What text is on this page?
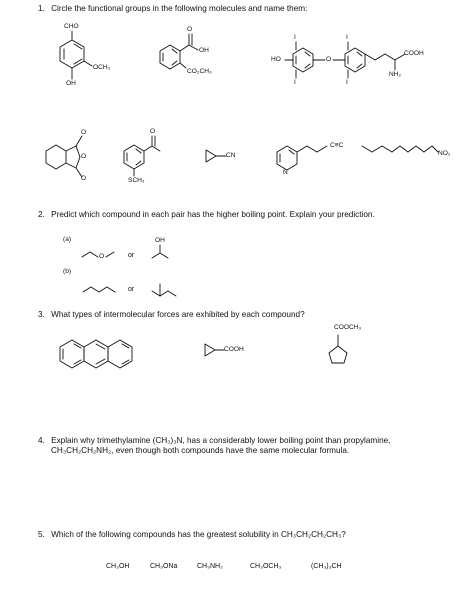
1. Circle the functional groups in the following molecules and name them:
CHO
OCH₃
OH
O
OH
CO₂CH₃
HO
I
I
O
I
I
COOH
NH₂
O
O
O
O
SCH₃
CN
N
C≡C
NO₂
2. Predict which compound in each pair has the higher boiling point. Explain your prediction.
(a)
(b)
O
OH
or
or
3. What types of intermolecular forces are exhibited by each compound?
COOH
COOCH₃
4. Explain why trimethylamine (CH₃)₃N, has a considerably lower boiling point than propylamine,
CH₃CH₂CH₂NH₂, even though both compounds have the same molecular formula.
5. Which of the following compounds has the greatest solubility in CH₃CH₂CH₂CH₃?
CH₃OH	CH₃ONa	CH₃NH₂	CH₃OCH₃	(CH₃)₃CH
